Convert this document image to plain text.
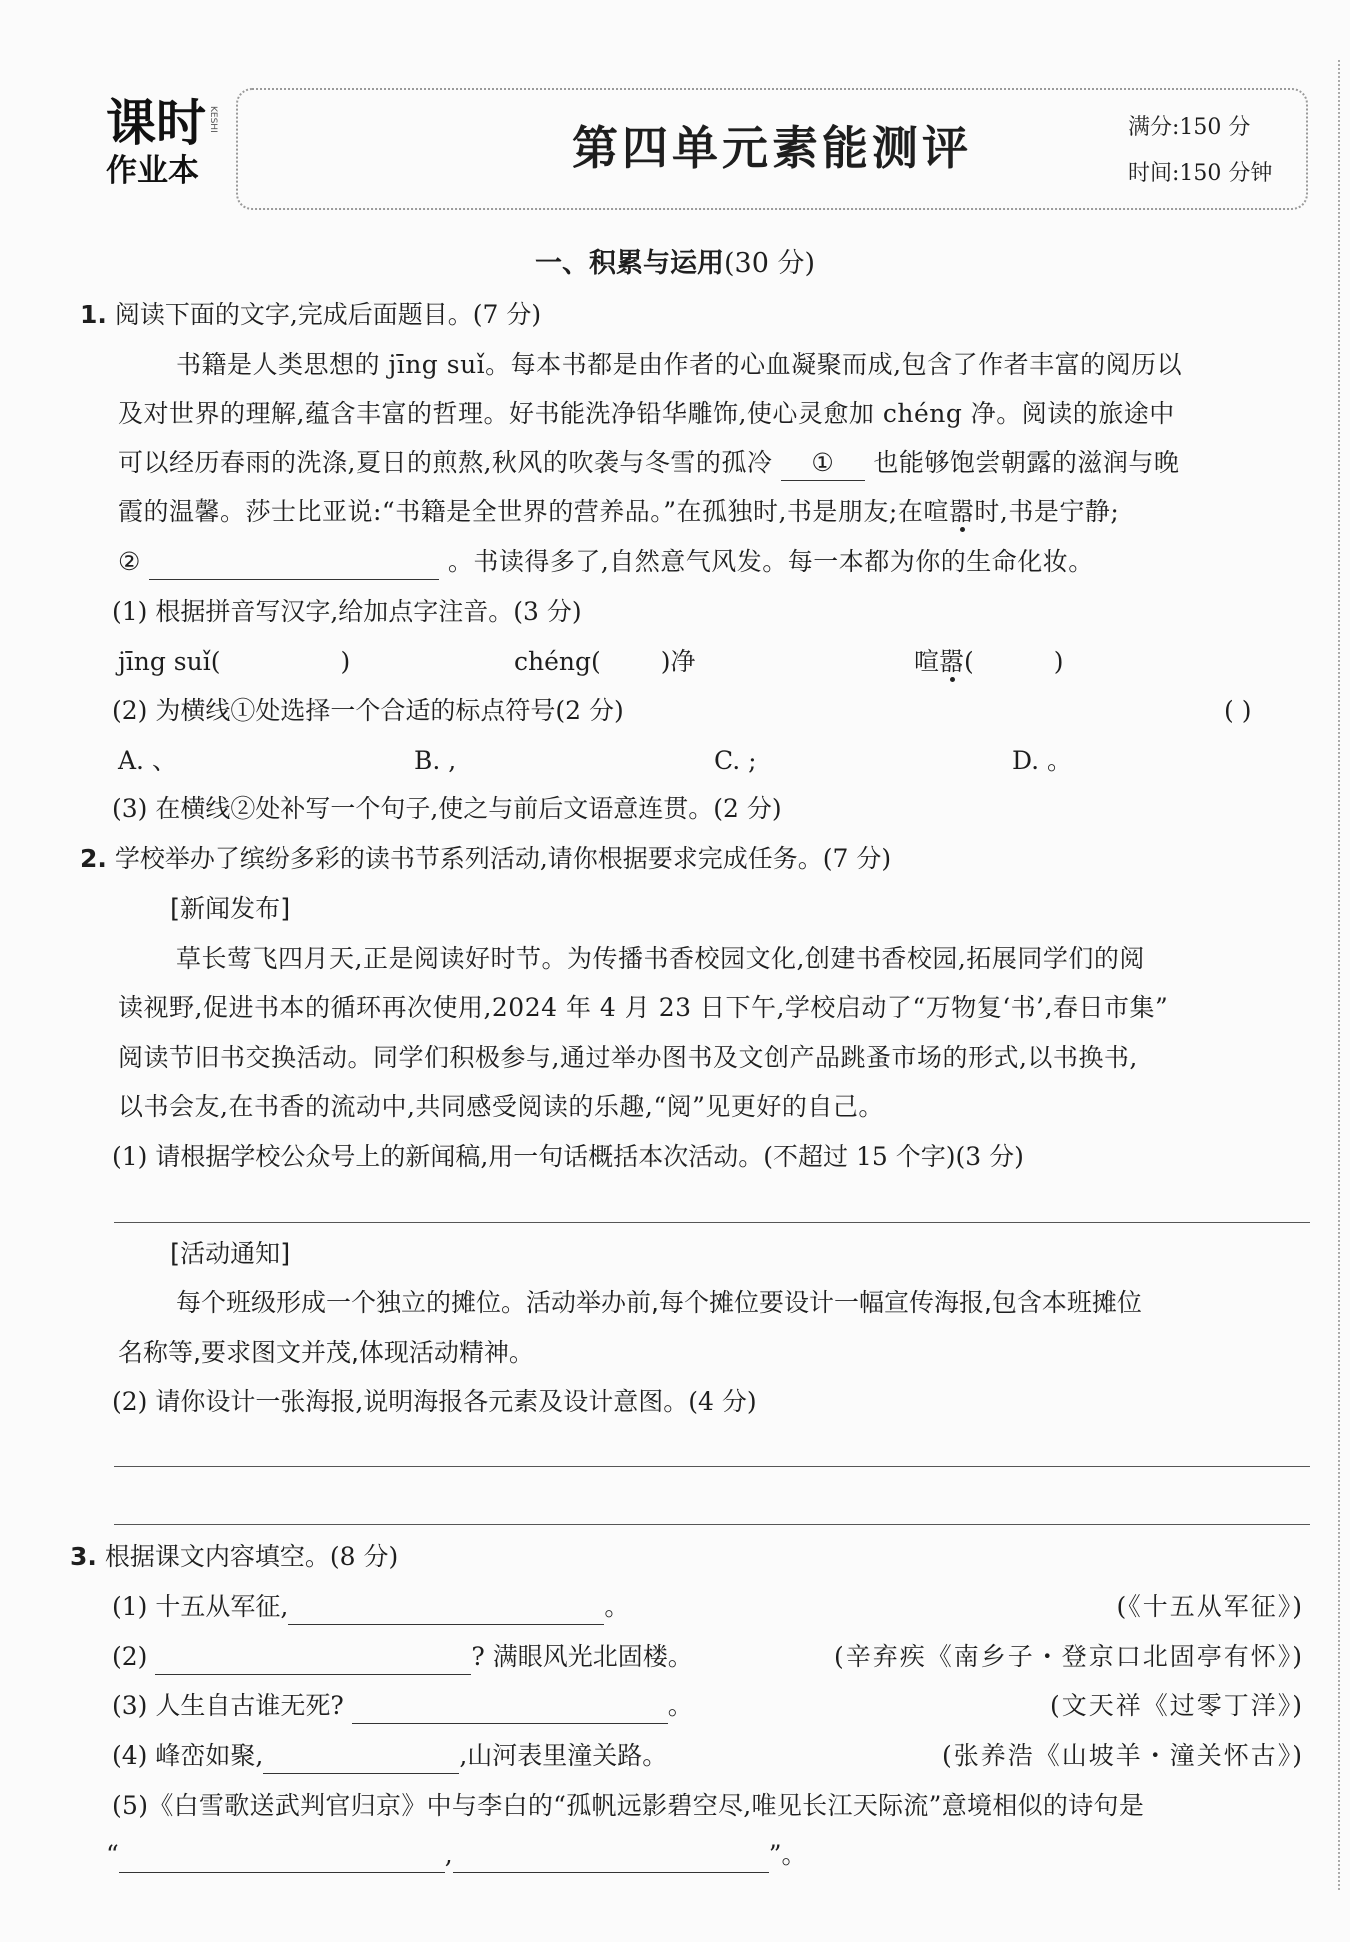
课时 KESHI
作业本	第四单元素能测评	满分:150 分
时间:150 分钟
一、积累与运用(30 分)
1. 阅读下面的文字,完成后面题目。(7 分)
书籍是人类思想的 jīng suǐ。每本书都是由作者的心血凝聚而成,包含了作者丰富的阅历以
及对世界的理解,蕴含丰富的哲理。好书能洗净铅华雕饰,使心灵愈加 chéng 净。阅读的旅途中
可以经历春雨的洗涤,夏日的煎熬,秋风的吹袭与冬雪的孤冷 ① 也能够饱尝朝露的滋润与晚
霞的温馨。莎士比亚说:“书籍是全世界的营养品。”在孤独时,书是朋友;在喧嚣时,书是宁静;
②	。书读得多了,自然意气风发。每一本都为你的生命化妆。
(1) 根据拼音写汉字,给加点字注音。(3 分)
jīng suǐ(	)	chéng( )净	喧嚣(	)
(2) 为横线①处选择一个合适的标点符号(2 分)	( )
A. 、	B. ,	C. ;	D. 。
(3) 在横线②处补写一个句子,使之与前后文语意连贯。(2 分)
2. 学校举办了缤纷多彩的读书节系列活动,请你根据要求完成任务。(7 分)
[新闻发布]
草长莺飞四月天,正是阅读好时节。为传播书香校园文化,创建书香校园,拓展同学们的阅
读视野,促进书本的循环再次使用,2024 年 4 月 23 日下午,学校启动了“万物复‘书’,春日市集”
阅读节旧书交换活动。同学们积极参与,通过举办图书及文创产品跳蚤市场的形式,以书换书,
以书会友,在书香的流动中,共同感受阅读的乐趣,“阅”见更好的自己。
(1) 请根据学校公众号上的新闻稿,用一句话概括本次活动。(不超过 15 个字)(3 分)
[活动通知]
每个班级形成一个独立的摊位。活动举办前,每个摊位要设计一幅宣传海报,包含本班摊位
名称等,要求图文并茂,体现活动精神。
(2) 请你设计一张海报,说明海报各元素及设计意图。(4 分)
3. 根据课文内容填空。(8 分)
(1) 十五从军征,	。	(《十五从军征》)
(2)	? 满眼风光北固楼。	(辛弃疾《南乡子・登京口北固亭有怀》)
(3) 人生自古谁无死?	。	(文天祥《过零丁洋》)
(4) 峰峦如聚,	,山河表里潼关路。	(张养浩《山坡羊・潼关怀古》)
(5)《白雪歌送武判官归京》中与李白的“孤帆远影碧空尽,唯见长江天际流”意境相似的诗句是
“	,	”。
